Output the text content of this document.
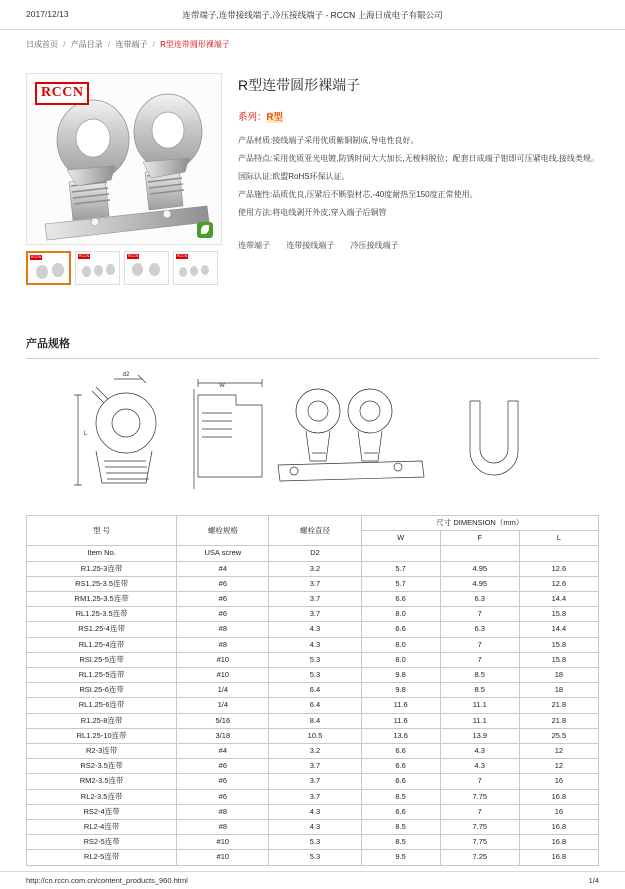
2017/12/13	连带端子,连带接线端子,冷压接线端子 - RCCN 上海日成电子有限公司
日成首页 / 产品目录 / 连带端子 / R型连带圆形裸端子
RCCN
RCCN	RCCN	RCCN	RCCN
R型连带圆形裸端子
系列：R型

产品材质:接线端子采用优质紫铜制成,导电性良好。

产品特点:采用优质亚光电镀,防锈时间大大加长,无棱料脱位；配套日成端子钳即可压紧电线,接线类规。

国际认证:欧盟RoHS环保认证。

产品施性:品质优良,压紧后不断裂材芯,-40度耐热至150度正常使用。

使用方法:将电线剥开外皮,穿入端子后铜管

连带端子 连带接线端子 冷压接线端子
产品规格
d2
L
W
型 号	螺栓规格	螺栓直径	尺寸 DIMENSION（mm）		
			W	F	L
Item No.	USA screw	D2			
R1.25-3连带	#4	3.2	5.7	4.95	12.6
RS1.25-3.5连带	#6	3.7	5.7	4.95	12.6
RM1.25-3.5连带	#6	3.7	6.6	6.3	14.4
RL1.25-3.5连带	#6	3.7	8.0	7	15.8
RS1.25-4连带	#8	4.3	6.6	6.3	14.4
RL1.25-4连带	#8	4.3	8.0	7	15.8
RSI.25-5连带	#10	5.3	8.0	7	15.8
RL1.25-5连带	#10	5.3	9.8	8.5	18
RSI.25-6连带	1/4	6.4	9.8	8.5	18
RL1.25-6连带	1/4	6.4	11.6	11.1	21.8
R1.25-8连带	5/16	8.4	11.6	11.1	21.8
RL1.25-10连带	3/18	10.5	13.6	13.9	25.5
R2-3连带	#4	3.2	6.6	4.3	12
RS2-3.5连带	#6	3.7	6.6	4.3	12
RM2-3.5连带	#6	3.7	6.6	7	16
RL2-3.5连带	#6	3.7	8.5	7.75	16.8
RS2-4连带	#8	4.3	6.6	7	16
RL2-4连带	#8	4.3	8.5	7.75	16.8
RS2-5连带	#10	5.3	8.5	7.75	16.8
RL2-5连带	#10	5.3	9.5	7.25	16.8
http://cn.rccn.com.cn/content_products_960.html	1/4
